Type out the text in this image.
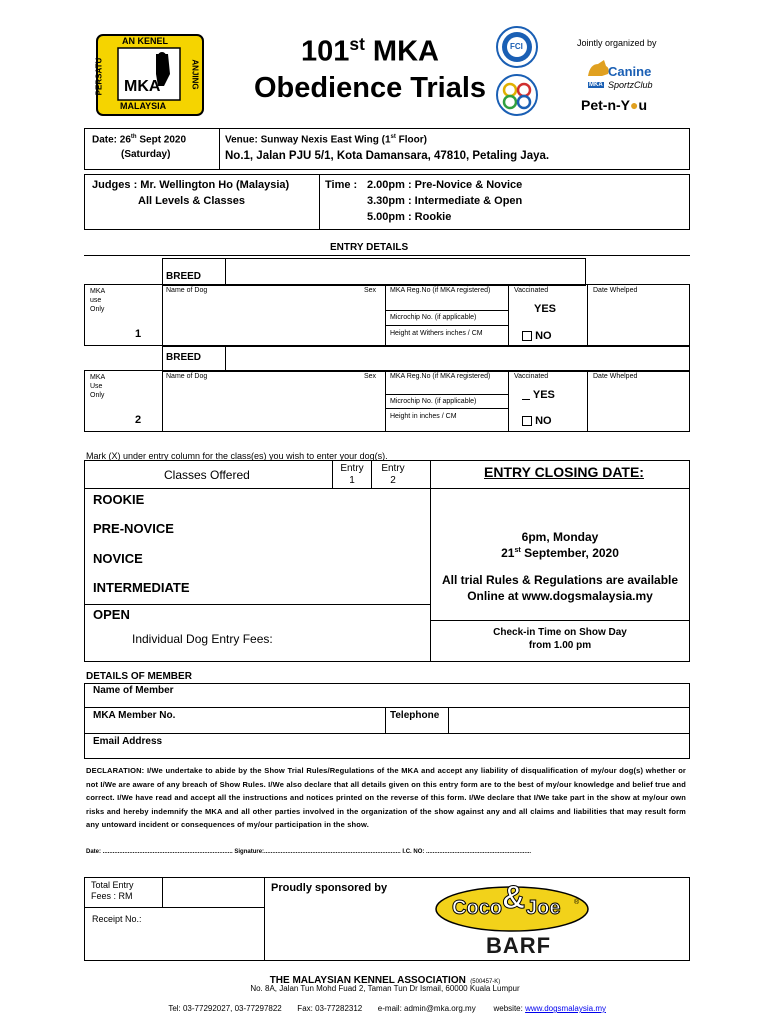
AN KENEL
PERSATU	ANJING
MALAYSIA
MKA
101st MKA
Obedience Trials
FCI	Jointly organized by
Canine
MKA SportzClub
Pet-n-Y●u
Date: 26th Sept 2020
(Saturday)
Venue: Sunway Nexis East Wing (1st Floor)
No.1, Jalan PJU 5/1, Kota Damansara, 47810, Petaling Jaya.
Judges : Mr. Wellington Ho (Malaysia)
All Levels & Classes
Time : 2.00pm : Pre-Novice & Novice
3.30pm : Intermediate & Open
5.00pm : Rookie
ENTRY DETAILS
BREED
MKA
use
Only
Name of Dog	Sex MKA Reg.No (if MKA registered)	Vaccinated	Date Whelped
Microchip No. (if applicable)
Height at Withers inches / CM
1
YES
NO
BREED
MKA
Use
Only
Name of Dog	Sex MKA Reg.No (if MKA registered)	Vaccinated	Date Whelped
Microchip No. (if applicable)
Height in inches / CM
2
YES
NO
Mark (X) under entry column for the class(es) you wish to enter your dog(s).
Classes Offered	Entry
1
Entry
2
ROOKIE
PRE-NOVICE
NOVICE
INTERMEDIATE
OPEN
Individual Dog Entry Fees:
ENTRY CLOSING DATE:
6pm, Monday
21st September, 2020
All trial Rules & Regulations are available
Online at www.dogsmalaysia.my
Check-in Time on Show Day
from 1.00 pm
DETAILS OF MEMBER
Name of Member
MKA Member No.	Telephone
Email Address
DECLARATION: I/We undertake to abide by the Show Trial Rules/Regulations of the MKA and accept any liability of disqualification of my/our dog(s) whether or not I/We are aware of any breach of Show Rules. I/We also declare that all details given on this entry form are to the best of my/our knowledge and belief true and correct. I/We have read and accept all the instructions and notices printed on the reverse of this form. I/We declare that I/We take part in the show at my/our own risks and hereby indemnify the MKA and all other parties involved in the organization of the show against any and all claims and liabilities that may result form any untoward incident or consequences of my/our participation in the show.
Date: .............................................................................. Signature:.................................................................................. I.C. NO: ...............................................................
Total Entry
Fees : RM
Receipt No.:
Proudly sponsored by
Coco & Joe ®
BARF
THE MALAYSIAN KENNEL ASSOCIATION (500457-K)
No. 8A, Jalan Tun Mohd Fuad 2, Taman Tun Dr Ismail, 60000 Kuala Lumpur

Tel: 03-77292027, 03-77297822       Fax: 03-77282312       e-mail: admin@mka.org.my        website: www.dogsmalaysia.my
